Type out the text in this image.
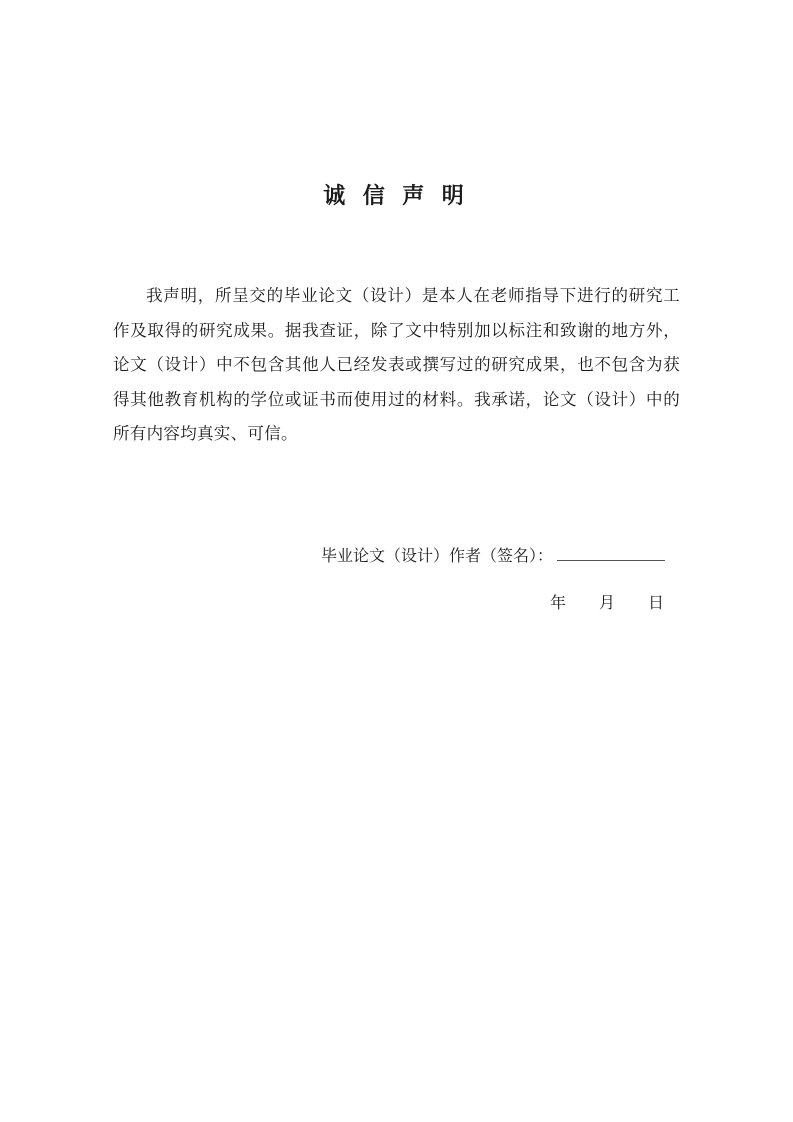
诚 信 声 明

我声明，所呈交的毕业论文（设计）是本人在老师指导下进行的研究工作及取得的研究成果。据我查证，除了文中特别加以标注和致谢的地方外，论文（设计）中不包含其他人已经发表或撰写过的研究成果，也不包含为获得其他教育机构的学位或证书而使用过的材料。我承诺，论文（设计）中的所有内容均真实、可信。

毕业论文（设计）作者（签名）：
年 月 日
